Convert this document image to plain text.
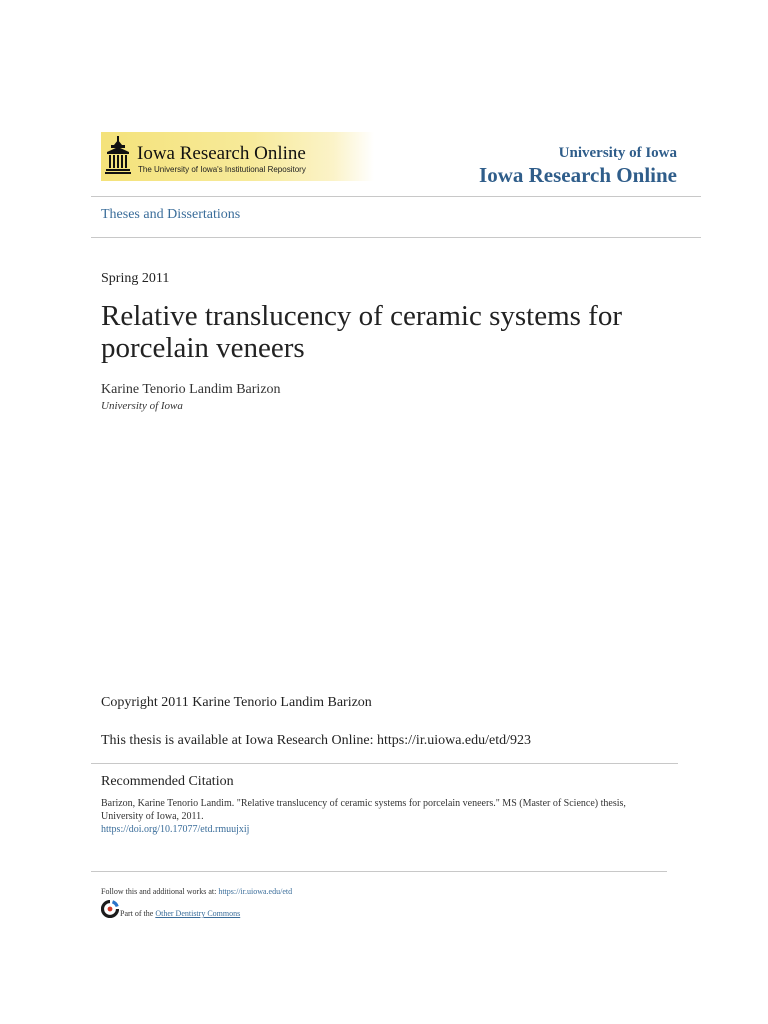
Iowa Research Online
The University of Iowa's Institutional Repository
University of Iowa
Iowa Research Online
Theses and Dissertations
Spring 2011
Relative translucency of ceramic systems for porcelain veneers
Karine Tenorio Landim Barizon
University of Iowa
Copyright 2011 Karine Tenorio Landim Barizon
This thesis is available at Iowa Research Online: https://ir.uiowa.edu/etd/923
Recommended Citation
Barizon, Karine Tenorio Landim. "Relative translucency of ceramic systems for porcelain veneers." MS (Master of Science) thesis, University of Iowa, 2011.
https://doi.org/10.17077/etd.rmuujxij
Follow this and additional works at: https://ir.uiowa.edu/etd
Part of the Other Dentistry Commons
